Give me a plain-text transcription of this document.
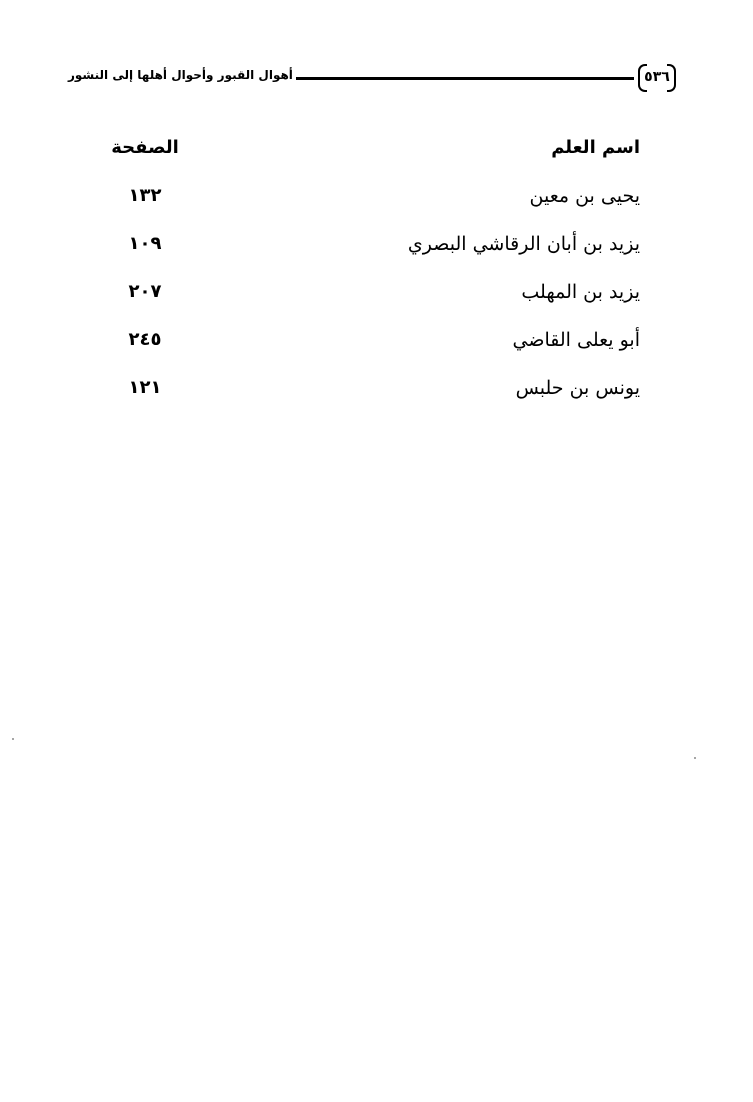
أهوال القبور وأحوال أهلها إلى النشور	٥٣٦
اسم العلم
الصفحة
يحيى بن معين
١٣٢
يزيد بن أبان الرقاشي البصري
١٠٩
يزيد بن المهلب
٢٠٧
أبو يعلى القاضي
٢٤٥
يونس بن حلبس
١٢١
